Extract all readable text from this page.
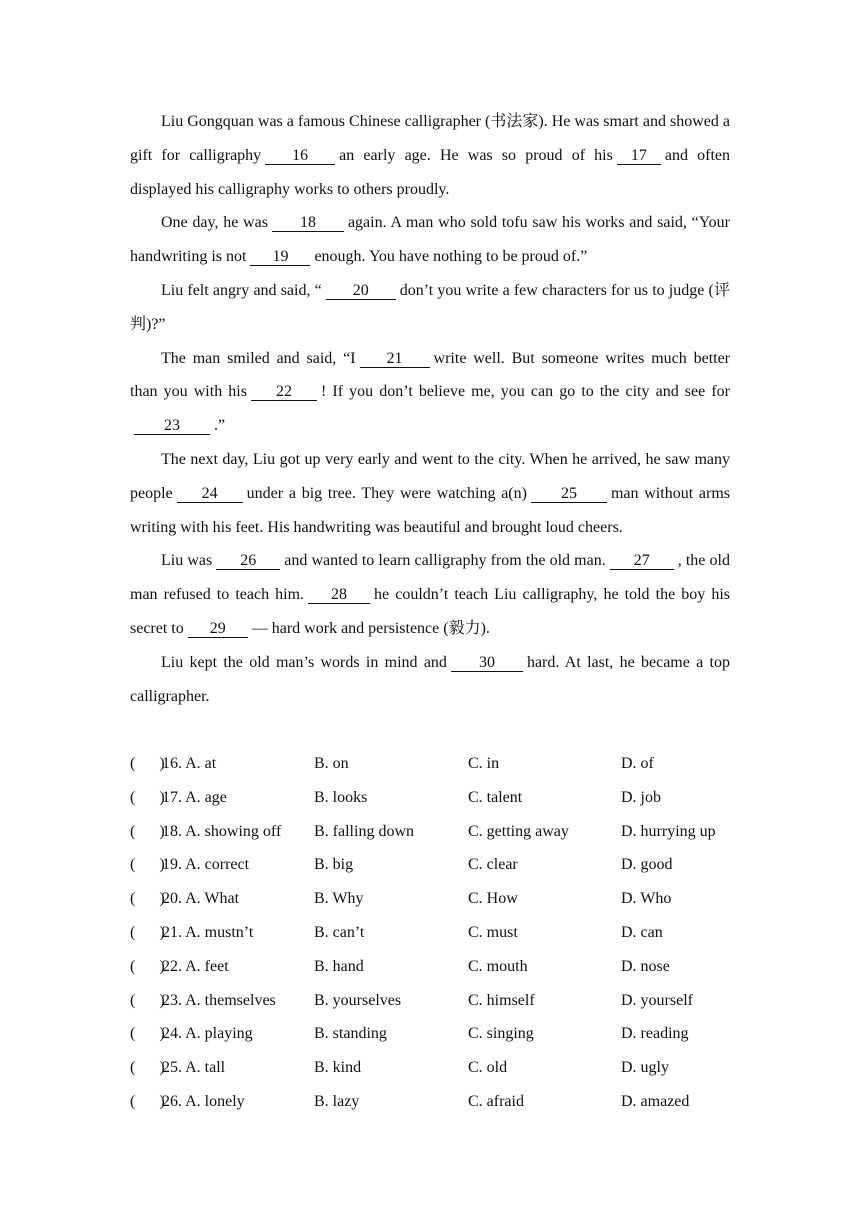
Liu Gongquan was a famous Chinese calligrapher (书法家). He was smart and showed a gift for calligraphy 16 an early age. He was so proud of his 17 and often displayed his calligraphy works to others proudly.

One day, he was 18 again. A man who sold tofu saw his works and said, “Your handwriting is not 19 enough. You have nothing to be proud of.”

Liu felt angry and said, “ 20 don’t you write a few characters for us to judge (评判)?”

The man smiled and said, “I 21 write well. But someone writes much better than you with his 22 ! If you don’t believe me, you can go to the city and see for23 .”

The next day, Liu got up very early and went to the city. When he arrived, he saw many people 24 under a big tree. They were watching a(n) 25 man without arms writing with his feet. His handwriting was beautiful and brought loud cheers.

Liu was 26 and wanted to learn calligraphy from the old man. 27 , the old man refused to teach him. 28 he couldn’t teach Liu calligraphy, he told the boy his secret to 29 — hard work and persistence (毅力).

Liu kept the old man’s words in mind and 30 hard. At last, he became a top calligrapher.

(      )
16. A. at	B. on	C. in	D. of
(      )
17. A. age	B. looks	C. talent	D. job
(      )
18. A. showing off B. falling down	C. getting away	D. hurrying up
(      )
19. A. correct	B. big	C. clear	D. good
(      )
20. A. What	B. Why	C. How	D. Who
(      )
21. A. mustn’t	B. can’t	C. must	D. can
(      )
22. A. feet	B. hand	C. mouth	D. nose
(      )
23. A. themselves B. yourselves	C. himself	D. yourself
(      )
24. A. playing	B. standing	C. singing	D. reading
(      )
25. A. tall	B. kind	C. old	D. ugly
(      )
26. A. lonely	B. lazy	C. afraid	D. amazed
